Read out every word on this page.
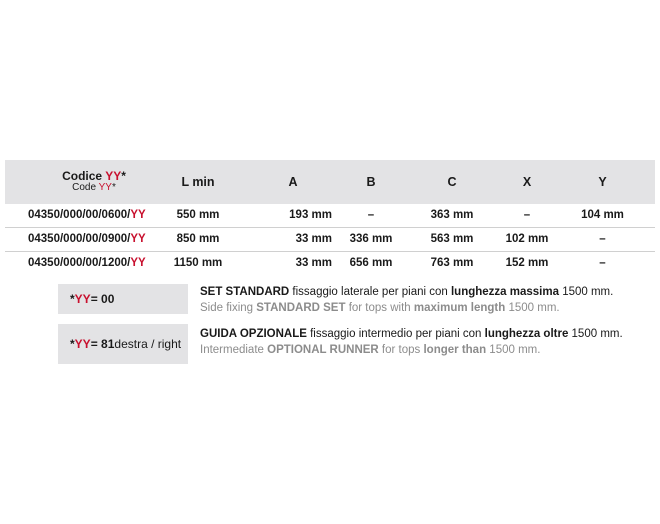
Codice YY*
Code YY*	L min	A	B	C	X	Y
04350/000/00/0600/YY	550 mm	193 mm	–	363 mm	–	104 mm
04350/000/00/0900/YY	850 mm	33 mm	336 mm	563 mm	102 mm	–
04350/000/00/1200/YY	1150 mm	33 mm	656 mm	763 mm	152 mm	–
* YY = 00	SET STANDARD fissaggio laterale per piani con lunghezza massima 1500 mm.
Side fixing STANDARD SET for tops with maximum length 1500 mm.
* YY = 81 destra / right
GUIDA OPZIONALE fissaggio intermedio per piani con lunghezza oltre 1500 mm.
Intermediate OPTIONAL RUNNER for tops longer than 1500 mm.
